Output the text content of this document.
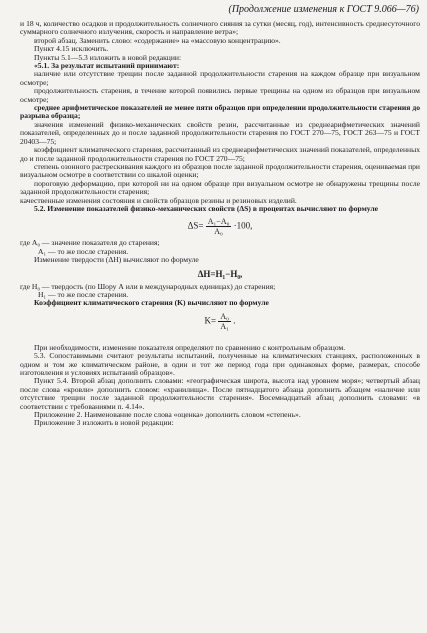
(Продолжение изменения к ГОСТ 9.066—76)

и 18 ч, количество осадков и продолжительность солнечного сияния за сутки (месяц, год), интенсивность среднесуточного суммарного солнечного излучения, скорость и направление ветра»;

второй абзац. Заменить слово: «содержание» на «массовую концентрацию».

Пункт 4.15 исключить.

Пункты 5.1—5.3 изложить в новой редакции:

«5.1. За результат испытаний принимают:

наличие или отсутствие трещин после заданной продолжительности старения на каждом образце при визуальном осмотре;

продолжительность старения, в течение которой появились первые трещины на одном из образцов при визуальном осмотре;

среднее арифметическое показателей не менее пяти образцов при определении продолжительности старения до разрыва образца;

значения изменений физико-механических свойств резин, рассчитанные из среднеарифметических значений показателей, определенных до и после заданной продолжительности старения по ГОСТ 270—75, ГОСТ 263—75 и ГОСТ 20403—75;

коэффициент климатического старения, рассчитанный из среднеарифметических значений показателей, определенных до и после заданной продолжительности старения по ГОСТ 270—75;

степень озонного растрескивания каждого из образцов после заданной продолжительности старения, оцениваемая при визуальном осмотре в соответствии со шкалой оценки;

пороговую деформацию, при которой ни на одном образце при визуальном осмотре не обнаружены трещины после заданной продолжительности старения;

качественные изменения состояния и свойств образцов резины и резиновых изделий.

5.2. Изменение показателей физико-механических свойств (ΔS) в процентах вычисляют по формуле

$\Delta S= \frac{\text{A₁−A₀}}{\text{A₀}} \cdot 100$,

где A₀ — значение показателя до старения;

A₁ — то же после старения.

Изменение твердости (ΔH) вычисляют по формуле

ΔH=H₁−H₀,

где H₀ — твердость (по Шору А или в международных единицах) до старения;

H₁ — то же после старения.

Коэффициент климатического старения (K) вычисляют по формуле

$K= \frac{\text{A₀}}{\text{A₁}}$ .

При необходимости, изменение показателя определяют по сравнению с контрольным образцом.

5.3. Сопоставимыми считают результаты испытаний, полученные на климатических станциях, расположенных в одном и том же климатическом районе, в один и тот же период года при одинаковых форме, размерах, способе изготовления и условиях испытаний образцов».

Пункт 5.4. Второй абзац дополнить словами: «географическая широта, высота над уровнем моря»; четвертый абзац после слова «кровли» дополнить словом: «хранилища». После пятнадцатого абзаца дополнить абзацем «наличие или отсутствие трещин после заданной продолжительности старения». Восемнадцатый абзац дополнить словами: «в соответствии с требованиями п. 4.14».

Приложение 2. Наименование после слова «оценка» дополнить словом «степень».

Приложение 3 изложить в новой редакции:
